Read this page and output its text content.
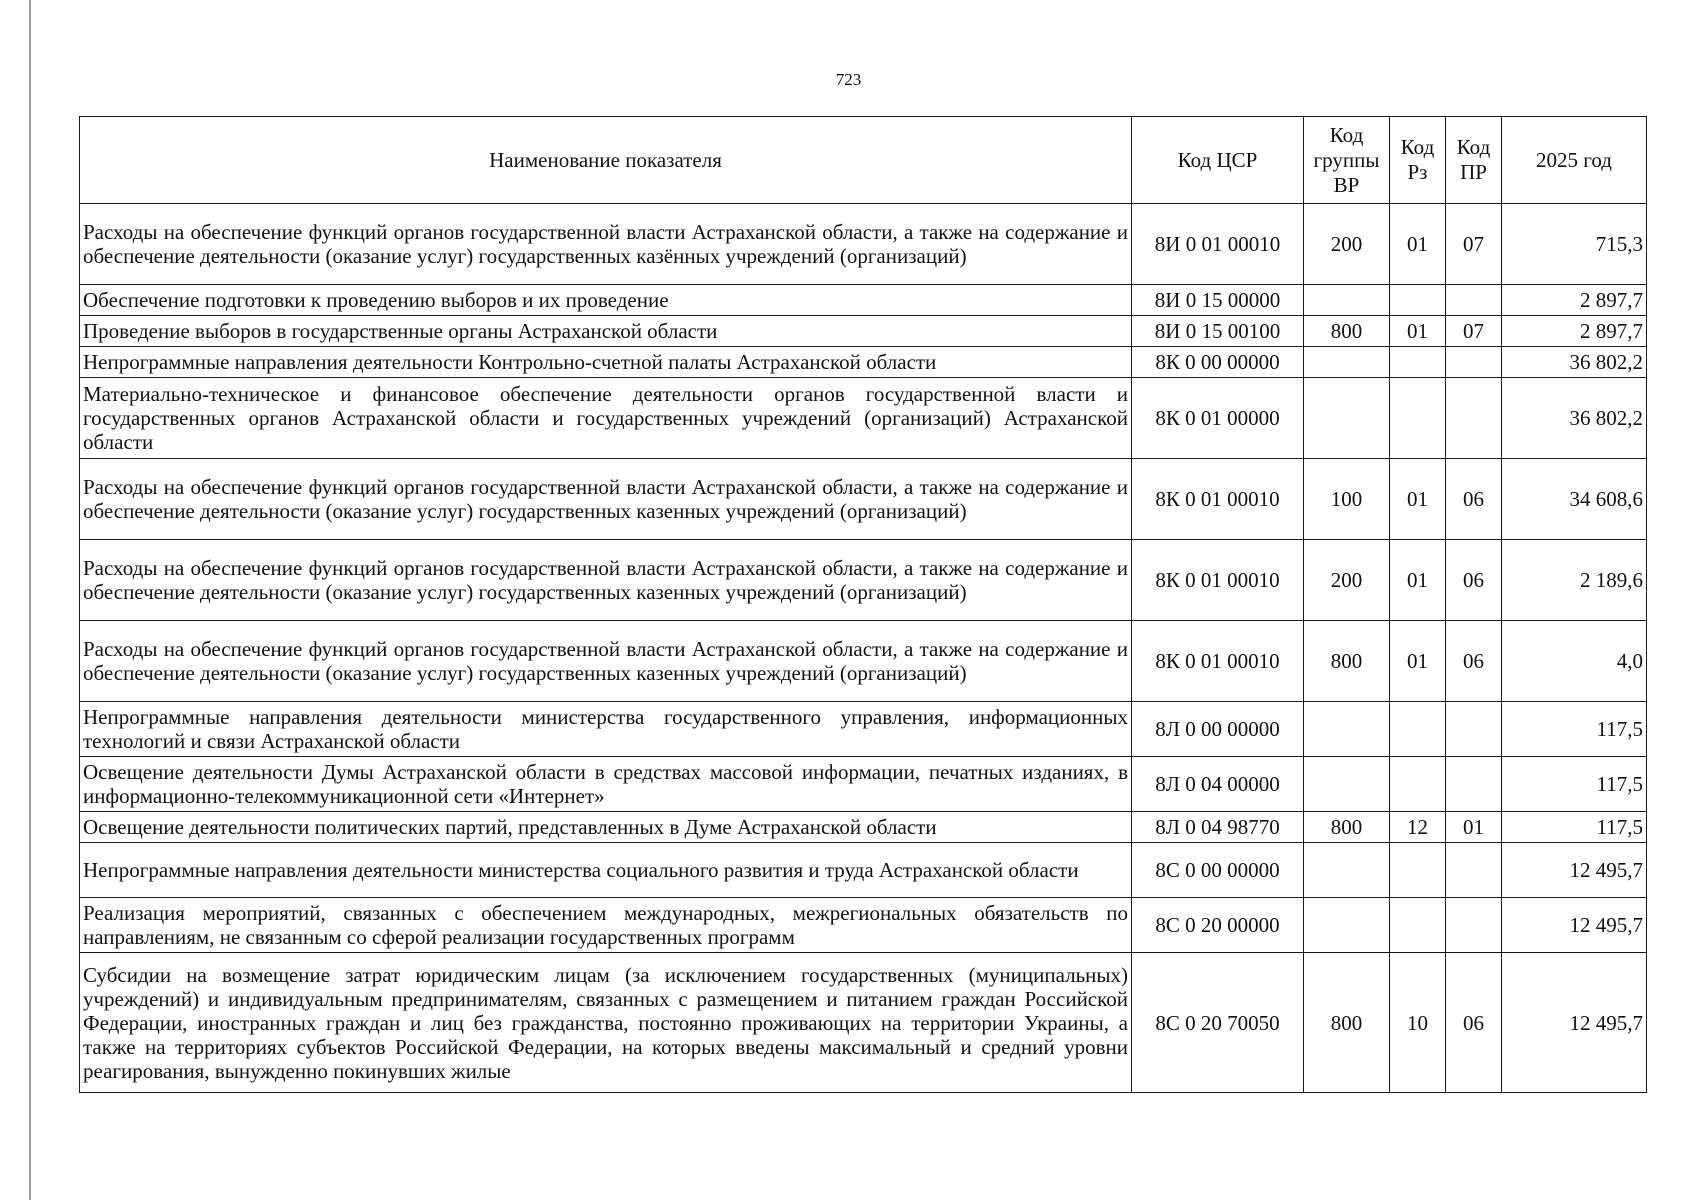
723
Наименование показателя	Код ЦСР	Код группы ВР	Код Рз	Код ПР	2025 год
Расходы на обеспечение функций органов государственной власти Астраханской области, а также на содержание и обеспечение деятельности (оказание услуг) государственных казённых учреждений (организаций)	8И 0 01 00010	200	01	07	715,3
Обеспечение подготовки к проведению выборов и их проведение	8И 0 15 00000				2 897,7
Проведение выборов в государственные органы Астраханской области	8И 0 15 00100	800	01	07	2 897,7
Непрограммные направления деятельности Контрольно-счетной палаты Астраханской области	8К 0 00 00000				36 802,2
Материально-техническое и финансовое обеспечение деятельности органов государственной власти и государственных органов Астраханской области и государственных учреждений (организаций) Астраханской области	8К 0 01 00000				36 802,2
Расходы на обеспечение функций органов государственной власти Астраханской области, а также на содержание и обеспечение деятельности (оказание услуг) государственных казенных учреждений (организаций)	8К 0 01 00010	100	01	06	34 608,6
Расходы на обеспечение функций органов государственной власти Астраханской области, а также на содержание и обеспечение деятельности (оказание услуг) государственных казенных учреждений (организаций)	8К 0 01 00010	200	01	06	2 189,6
Расходы на обеспечение функций органов государственной власти Астраханской области, а также на содержание и обеспечение деятельности (оказание услуг) государственных казенных учреждений (организаций)	8К 0 01 00010	800	01	06	4,0
Непрограммные направления деятельности министерства государственного управления, информационных технологий и связи Астраханской области	8Л 0 00 00000				117,5
Освещение деятельности Думы Астраханской области в средствах массовой информации, печатных изданиях, в информационно-телекоммуникационной сети «Интернет»	8Л 0 04 00000				117,5
Освещение деятельности политических партий, представленных в Думе Астраханской области	8Л 0 04 98770	800	12	01	117,5
Непрограммные направления деятельности министерства социального развития и труда Астраханской области	8С 0 00 00000				12 495,7
Реализация мероприятий, связанных с обеспечением международных, межрегиональных обязательств по направлениям, не связанным со сферой реализации государственных программ	8С 0 20 00000				12 495,7

Субсидии на возмещение затрат юридическим лицам (за исключением государственных (муниципальных) учреждений) и индивидуальным предпринимателям, связанных с размещением и питанием граждан Российской Федерации, иностранных граждан и лиц без гражданства, постоянно проживающих на территории Украины, а также на территориях субъектов Российской Федерации, на которых введены максимальный и средний уровни реагирования, вынужденно покинувших жилые	8С 0 20 70050	800	10	06	12 495,7
